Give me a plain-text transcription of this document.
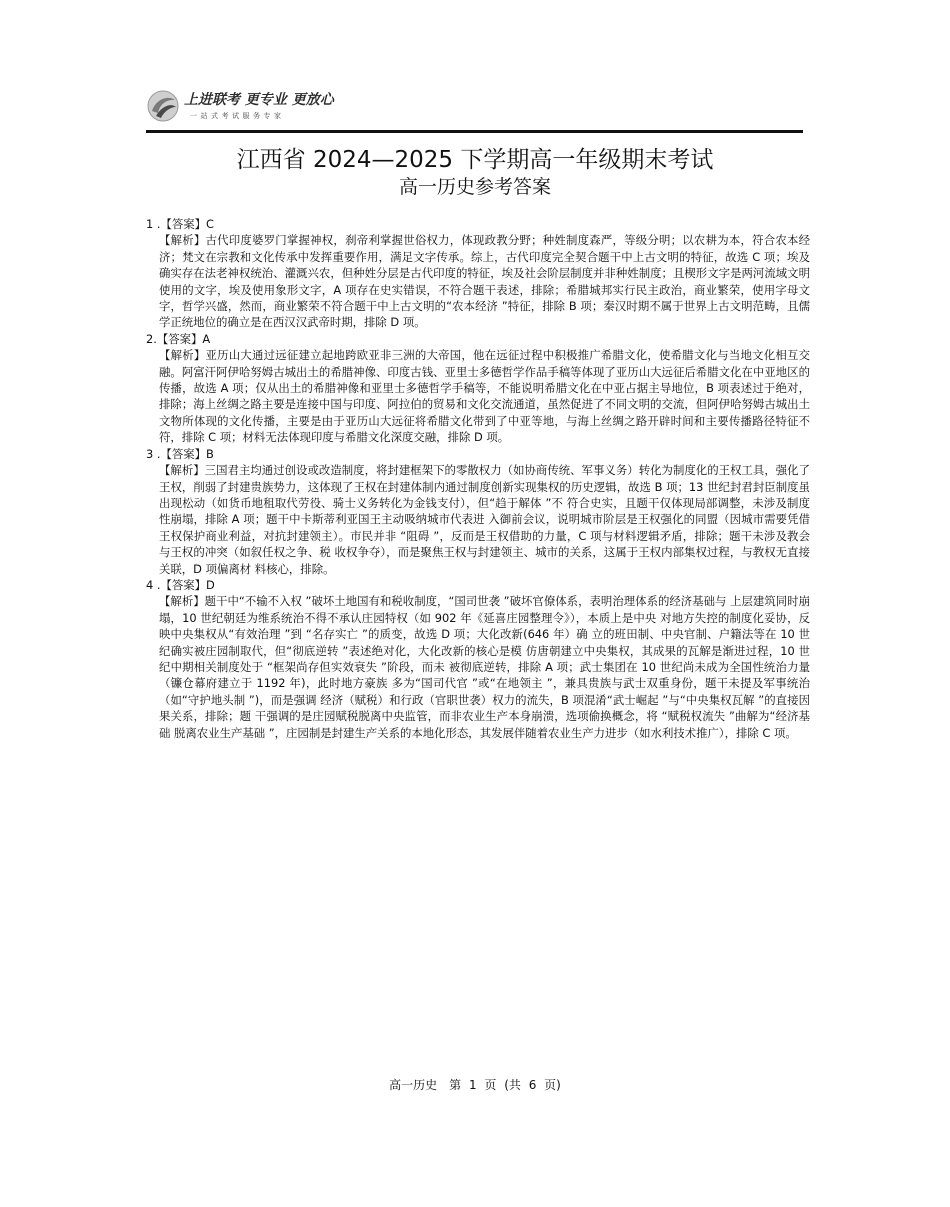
上进联考 更专业 更放心
一站式考试服务专家
江西省 2024—2025 下学期高一年级期末考试
高一历史参考答案

1 .【答案】C

【解析】古代印度婆罗门掌握神权，刹帝利掌握世俗权力，体现政教分野；种姓制度森严，等级分明；以农耕为本，符合农本经济；梵文在宗教和文化传承中发挥重要作用，满足文字传承。综上，古代印度完全契合题干中上古文明的特征，故选 C 项；埃及确实存在法老神权统治、灌溉兴农，但种姓分层是古代印度的特征，埃及社会阶层制度并非种姓制度；且楔形文字是两河流域文明使用的文字，埃及使用象形文字，A 项存在史实错误，不符合题干表述，排除；希腊城邦实行民主政治，商业繁荣，使用字母文字，哲学兴盛，然而，商业繁荣不符合题干中上古文明的“农本经济 ”特征，排除 B 项；秦汉时期不属于世界上古文明范畴，且儒学正统地位的确立是在西汉汉武帝时期，排除 D 项。

2.【答案】A

【解析】亚历山大通过远征建立起地跨欧亚非三洲的大帝国，他在远征过程中积极推广希腊文化，使希腊文化与当地文化相互交融。阿富汗阿伊哈努姆古城出土的希腊神像、印度古钱、亚里士多德哲学作品手稿等体现了亚历山大远征后希腊文化在中亚地区的传播，故选 A 项；仅从出土的希腊神像和亚里士多德哲学手稿等，不能说明希腊文化在中亚占据主导地位，B 项表述过于绝对，排除；海上丝绸之路主要是连接中国与印度、阿拉伯的贸易和文化交流通道，虽然促进了不同文明的交流，但阿伊哈努姆古城出土文物所体现的文化传播，主要是由于亚历山大远征将希腊文化带到了中亚等地，与海上丝绸之路开辟时间和主要传播路径特征不符，排除 C 项；材料无法体现印度与希腊文化深度交融，排除 D 项。

3 .【答案】B

【解析】三国君主均通过创设或改造制度，将封建框架下的零散权力（如协商传统、军事义务）转化为制度化的王权工具，强化了王权，削弱了封建贵族势力，这体现了王权在封建体制内通过制度创新实现集权的历史逻辑，故选 B 项；13 世纪封君封臣制度虽出现松动（如货币地租取代劳役、骑士义务转化为金钱支付），但“趋于解体 ”不 符合史实，且题干仅体现局部调整，未涉及制度性崩塌，排除 A 项；题干中卡斯蒂利亚国王主动吸纳城市代表进 入御前会议，说明城市阶层是王权强化的同盟（因城市需要凭借王权保护商业利益，对抗封建领主）。市民并非 “阻碍 ”，反而是王权借助的力量，C 项与材料逻辑矛盾，排除；题干未涉及教会与王权的冲突（如叙任权之争、税 收权争夺），而是聚焦王权与封建领主、城市的关系，这属于王权内部集权过程，与教权无直接关联，D 项偏离材 料核心，排除。

4 .【答案】D

【解析】题干中“不输不入权 ”破坏土地国有和税收制度，“国司世袭 ”破坏官僚体系，表明治理体系的经济基础与 上层建筑同时崩塌，10 世纪朝廷为维系统治不得不承认庄园特权（如 902 年《延喜庄园整理令》），本质上是中央 对地方失控的制度化妥协，反映中央集权从“有效治理 ”到 “名存实亡 ”的质变，故选 D 项；大化改新(646 年）确 立的班田制、中央官制、户籍法等在 10 世纪确实被庄园制取代，但“彻底逆转 ”表述绝对化，大化改新的核心是模 仿唐朝建立中央集权，其成果的瓦解是渐进过程，10 世纪中期相关制度处于 “框架尚存但实效衰失 ”阶段，而未 被彻底逆转，排除 A 项；武士集团在 10 世纪尚未成为全国性统治力量（镰仓幕府建立于 1192 年)，此时地方豪族 多为“国司代官 ”或“在地领主 ”，兼具贵族与武士双重身份，题干未提及军事统治（如“守护地头制 ”)，而是强调 经济（赋税）和行政（官职世袭）权力的流失，B 项混淆“武士崛起 ”与“中央集权瓦解 ”的直接因果关系，排除；题 干强调的是庄园赋税脱离中央监管，而非农业生产本身崩溃，选项偷换概念，将 “赋税权流失 ”曲解为“经济基础 脱离农业生产基础 ”，庄园制是封建生产关系的本地化形态，其发展伴随着农业生产力进步（如水利技术推广），排除 C 项。

高一历史　第 1 页 (共 6 页)
